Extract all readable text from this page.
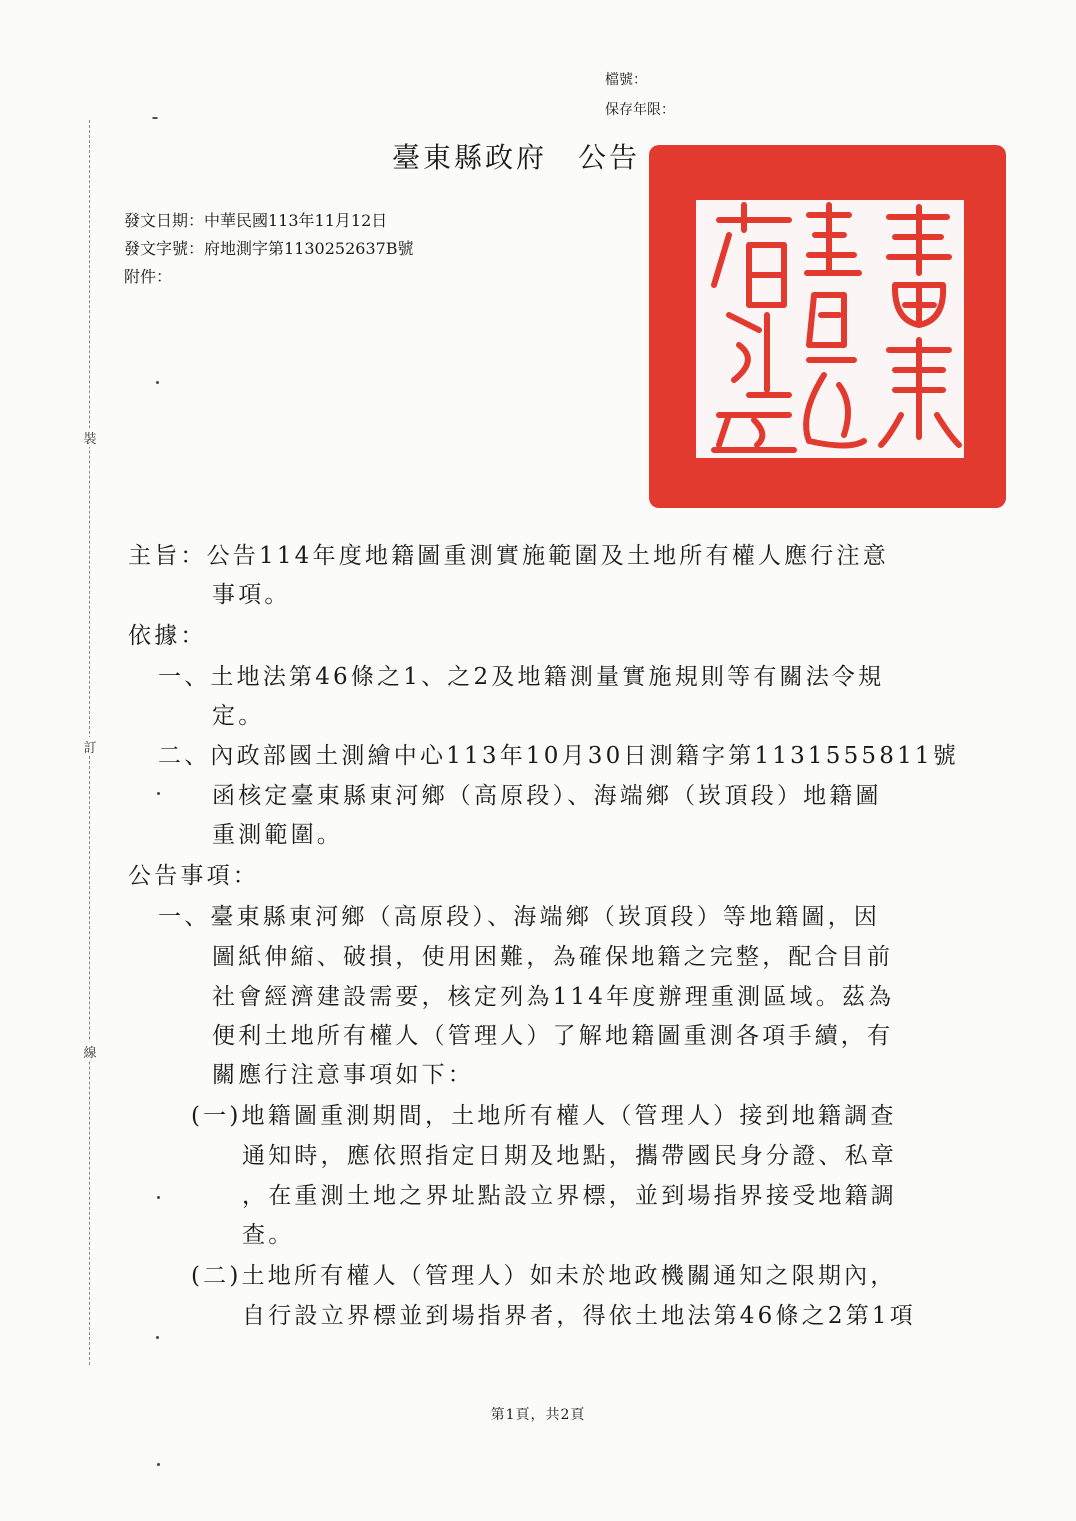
裝
訂
線
檔號：
保存年限：
臺東縣政府　公告
發文日期：中華民國113年11月12日
發文字號：府地測字第1130252637B號
附件：
主旨：公告114年度地籍圖重測實施範圍及土地所有權人應行注意
事項。
依據：
一、土地法第46條之1、之2及地籍測量實施規則等有關法令規
定。
二、內政部國土測繪中心113年10月30日測籍字第1131555811號
函核定臺東縣東河鄉（高原段）、海端鄉（崁頂段）地籍圖
重測範圍。
公告事項：
一、臺東縣東河鄉（高原段）、海端鄉（崁頂段）等地籍圖，因
圖紙伸縮、破損，使用困難，為確保地籍之完整，配合目前
社會經濟建設需要，核定列為114年度辦理重測區域。茲為
便利土地所有權人（管理人）了解地籍圖重測各項手續，有
關應行注意事項如下：
(一)地籍圖重測期間，土地所有權人（管理人）接到地籍調查
通知時，應依照指定日期及地點，攜帶國民身分證、私章
，在重測土地之界址點設立界標，並到場指界接受地籍調
查。
(二)土地所有權人（管理人）如未於地政機關通知之限期內，
自行設立界標並到場指界者，得依土地法第46條之2第1項
第1頁，共2頁
